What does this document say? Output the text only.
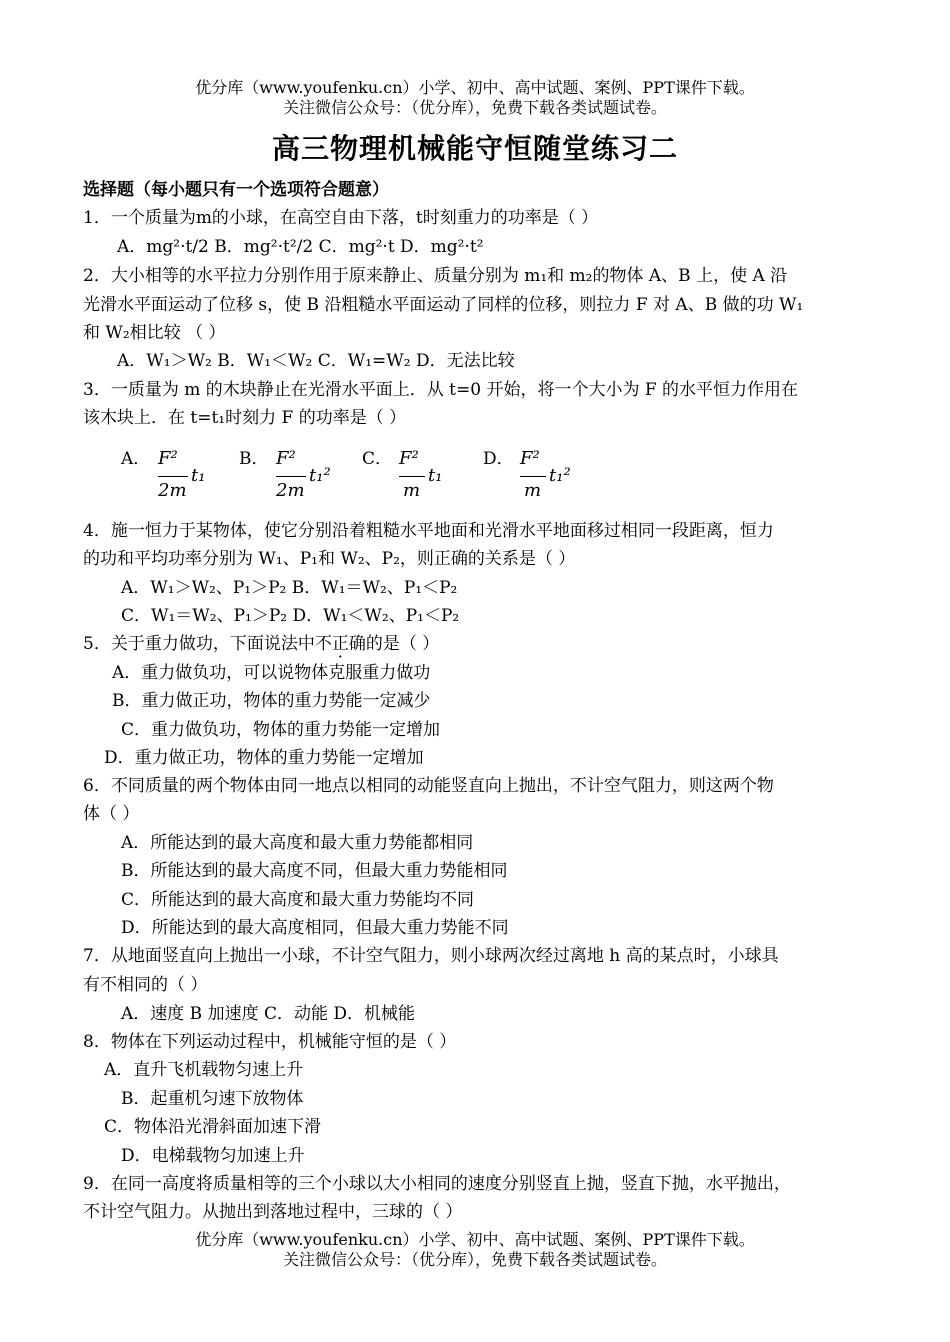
优分库（www.youfenku.cn）小学、初中、高中试题、案例、PPT课件下载。
关注微信公众号：（优分库），免费下载各类试题试卷。
高三物理机械能守恒随堂练习二
选择题（每小题只有一个选项符合题意）
1．一个质量为m的小球，在高空自由下落，t时刻重力的功率是（ ）
A．mg²·t/2 B．mg²·t²/2 C．mg²·t D．mg²·t²
2．大小相等的水平拉力分别作用于原来静止、质量分别为 m₁和 m₂的物体 A、B 上，使 A 沿
光滑水平面运动了位移 s，使 B 沿粗糙水平面运动了同样的位移，则拉力 F 对 A、B 做的功 W₁
和 W₂相比较 （ ）
A．W₁＞W₂ B．W₁＜W₂ C．W₁=W₂ D．无法比较
3．一质量为 m 的木块静止在光滑水平面上．从 t=0 开始，将一个大小为 F 的水平恒力作用在
该木块上．在 t=t₁时刻力 F 的功率是（ ）
A． F²
2m
t₁
B． F²
2m
t₁²
C． F²
m
t₁
D． F²
m
t₁²
4．施一恒力于某物体，使它分别沿着粗糙水平地面和光滑水平地面移过相同一段距离，恒力
的功和平均功率分别为 W₁、P₁和 W₂、P₂，则正确的关系是（ ）
A．W₁＞W₂、P₁＞P₂ B．W₁＝W₂、P₁＜P₂
C．W₁＝W₂、P₁＞P₂ D．W₁＜W₂、P₁＜P₂
5．关于重力做功，下面说法中不正确的是（ ）
A．重力做负功，可以说物体克服重力做功
B．重力做正功，物体的重力势能一定减少
C．重力做负功，物体的重力势能一定增加
D．重力做正功，物体的重力势能一定增加
6．不同质量的两个物体由同一地点以相同的动能竖直向上抛出，不计空气阻力，则这两个物
体（ ）
A．所能达到的最大高度和最大重力势能都相同
B．所能达到的最大高度不同，但最大重力势能相同
C．所能达到的最大高度和最大重力势能均不同
D．所能达到的最大高度相同，但最大重力势能不同
7．从地面竖直向上抛出一小球，不计空气阻力，则小球两次经过离地 h 高的某点时，小球具
有不相同的（ ）
A．速度 B 加速度 C．动能 D．机械能
8．物体在下列运动过程中，机械能守恒的是（ ）
A．直升飞机载物匀速上升
B．起重机匀速下放物体
C．物体沿光滑斜面加速下滑
D．电梯载物匀加速上升
9．在同一高度将质量相等的三个小球以大小相同的速度分别竖直上抛，竖直下抛，水平抛出，
不计空气阻力。从抛出到落地过程中，三球的（ ）
优分库（www.youfenku.cn）小学、初中、高中试题、案例、PPT课件下载。
关注微信公众号：（优分库），免费下载各类试题试卷。
